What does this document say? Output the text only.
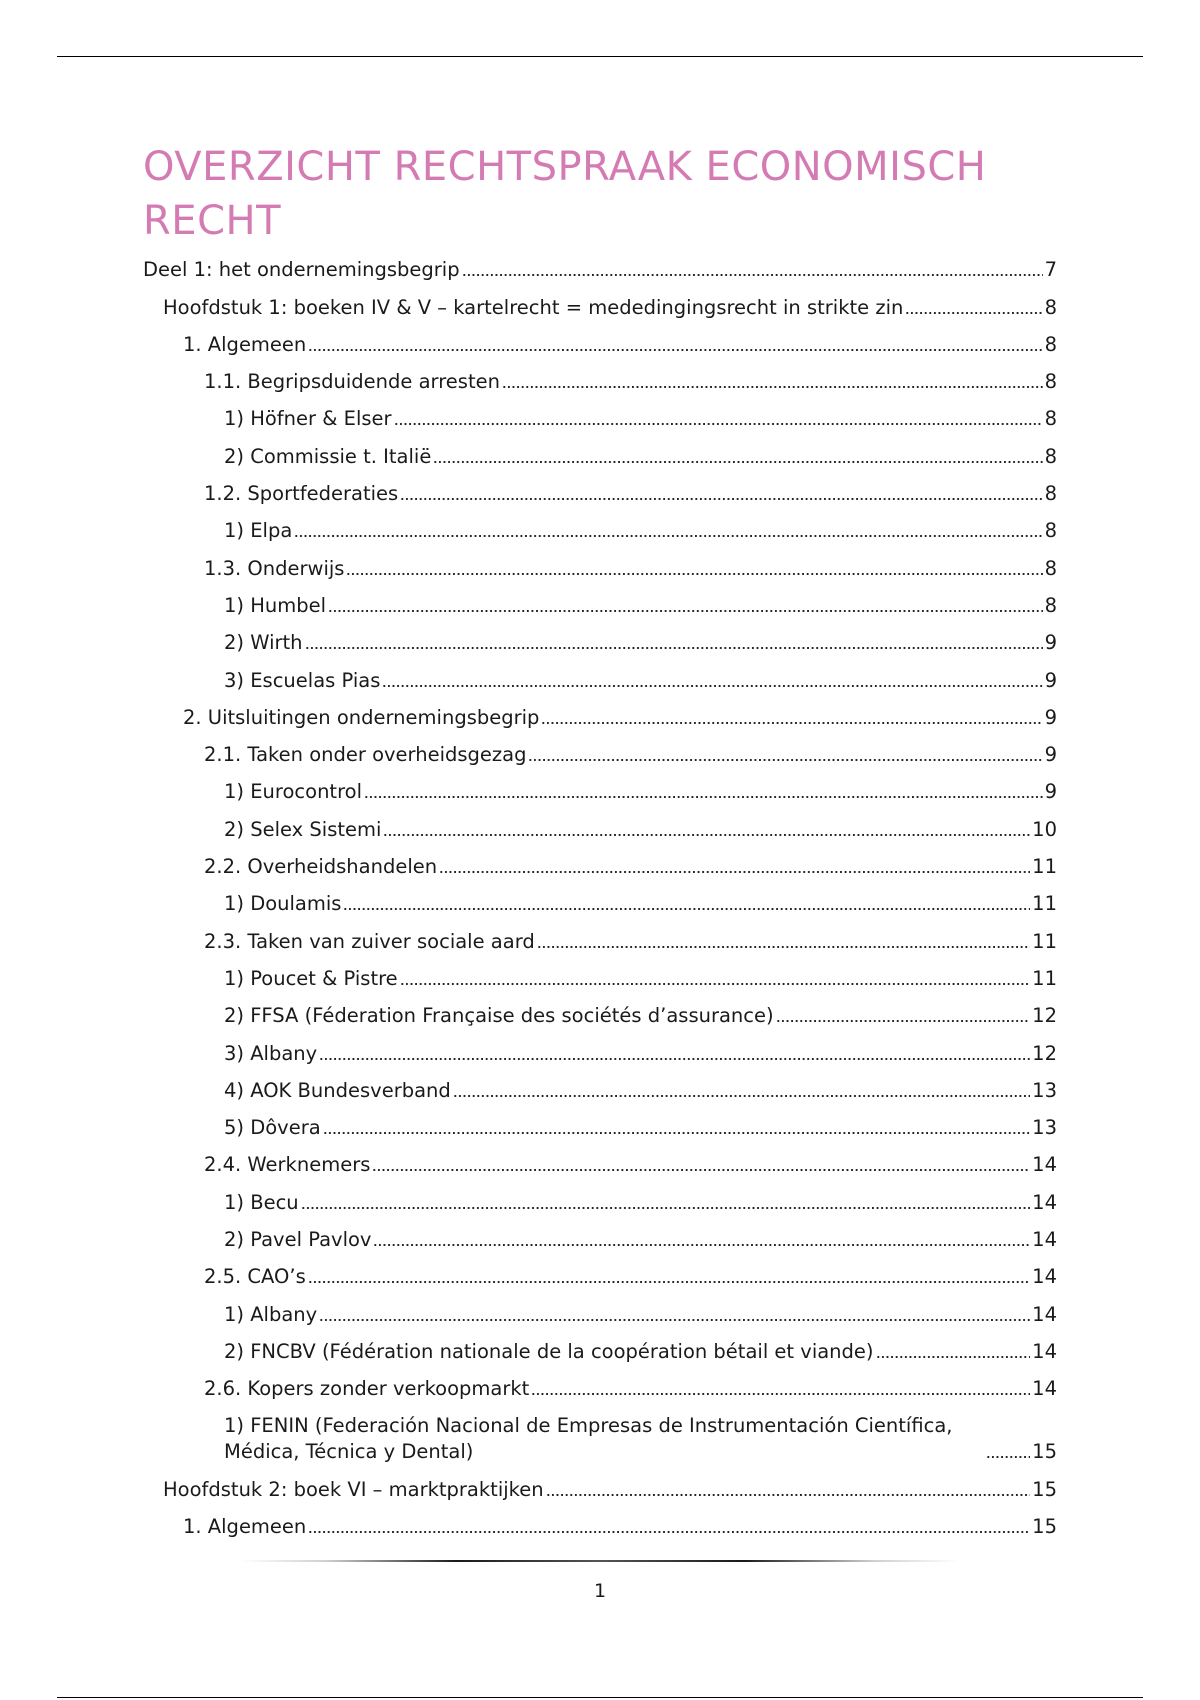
OVERZICHT RECHTSPRAAK ECONOMISCH RECHT
Deel 1: het ondernemingsbegrip	7
Hoofdstuk 1: boeken IV & V – kartelrecht = mededingingsrecht in strikte zin	8
1. Algemeen	8
1.1. Begripsduidende arresten	8
1) Höfner & Elser	8
2) Commissie t. Italië	8
1.2. Sportfederaties	8
1) Elpa	8
1.3. Onderwijs	8
1) Humbel	8
2) Wirth	9
3) Escuelas Pias	9
2. Uitsluitingen ondernemingsbegrip	9
2.1. Taken onder overheidsgezag	9
1) Eurocontrol	9
2) Selex Sistemi	10
2.2. Overheidshandelen	11
1) Doulamis	11
2.3. Taken van zuiver sociale aard	11
1) Poucet & Pistre	11
2) FFSA (Féderation Française des sociétés d’assurance)	12
3) Albany	12
4) AOK Bundesverband	13
5) Dôvera	13
2.4. Werknemers	14
1) Becu	14
2) Pavel Pavlov	14
2.5. CAO’s	14
1) Albany	14
2) FNCBV (Fédération nationale de la coopération bétail et viande)	14
2.6. Kopers zonder verkoopmarkt	14
1) FENIN (Federación Nacional de Empresas de Instrumentación Científica, Médica, Técnica y Dental)	15
Hoofdstuk 2: boek VI – marktpraktijken	15
1. Algemeen	15
1
